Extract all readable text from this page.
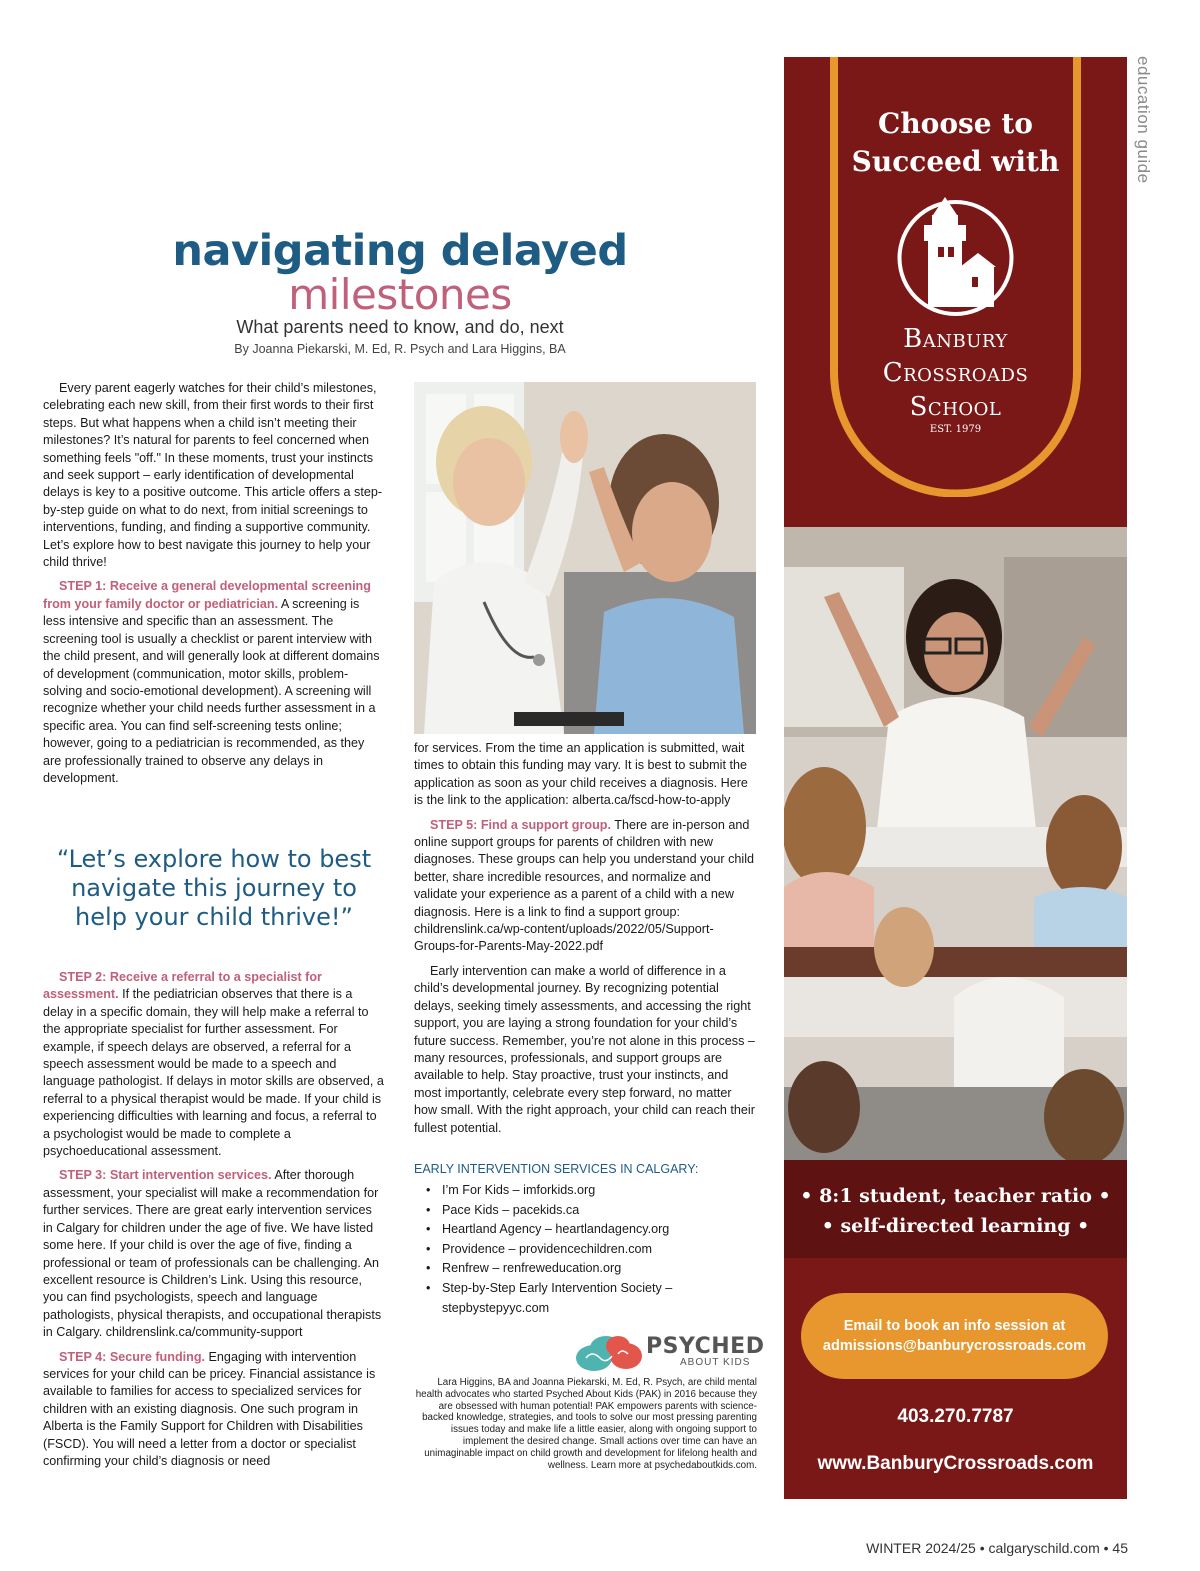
education guide
navigating delayed
milestones
What parents need to know, and do, next
By Joanna Piekarski, M. Ed, R. Psych and Lara Higgins, BA

Every parent eagerly watches for their child’s milestones, celebrating each new skill, from their first words to their first steps. But what happens when a child isn’t meeting their milestones? It’s natural for parents to feel concerned when something feels "off." In these moments, trust your instincts and seek support – early identification of developmental delays is key to a positive outcome. This article offers a step-by-step guide on what to do next, from initial screenings to interventions, funding, and finding a supportive community. Let’s explore how to best navigate this journey to help your child thrive!

STEP 1: Receive a general developmental screening from your family doctor or pediatrician. A screening is less intensive and specific than an assessment. The screening tool is usually a checklist or parent interview with the child present, and will generally look at different domains of development (communication, motor skills, problem-solving and socio-emotional development). A screening will recognize whether your child needs further assessment in a specific area. You can find self-screening tests online; however, going to a pediatrician is recommended, as they are professionally trained to observe any delays in development.

“Let’s explore how to best navigate this journey to help your child thrive!”

STEP 2: Receive a referral to a specialist for assessment. If the pediatrician observes that there is a delay in a specific domain, they will help make a referral to the appropriate specialist for further assessment. For example, if speech delays are observed, a referral for a speech assessment would be made to a speech and language pathologist. If delays in motor skills are observed, a referral to a physical therapist would be made. If your child is experiencing difficulties with learning and focus, a referral to a psychologist would be made to complete a psychoeducational assessment.

STEP 3: Start intervention services. After thorough assessment, your specialist will make a recommendation for further services. There are great early intervention services in Calgary for children under the age of five. We have listed some here. If your child is over the age of five, finding a professional or team of professionals can be challenging. An excellent resource is Children’s Link. Using this resource, you can find psychologists, speech and language pathologists, physical therapists, and occupational therapists in Calgary. childrenslink.ca/community-support

STEP 4: Secure funding. Engaging with intervention services for your child can be pricey. Financial assistance is available to families for access to specialized services for children with an existing diagnosis. One such program in Alberta is the Family Support for Children with Disabilities (FSCD). You will need a letter from a doctor or specialist confirming your child’s diagnosis or need

for services. From the time an application is submitted, wait times to obtain this funding may vary. It is best to submit the application as soon as your child receives a diagnosis. Here is the link to the application: alberta.ca/fscd-how-to-apply

STEP 5: Find a support group. There are in-person and online support groups for parents of children with new diagnoses. These groups can help you understand your child better, share incredible resources, and normalize and validate your experience as a parent of a child with a new diagnosis. Here is a link to find a support group: childrenslink.ca/wp-content/uploads/2022/05/Support-Groups-for-Parents-May-2022.pdf

Early intervention can make a world of difference in a child’s developmental journey. By recognizing potential delays, seeking timely assessments, and accessing the right support, you are laying a strong foundation for your child’s future success. Remember, you’re not alone in this process – many resources, professionals, and support groups are available to help. Stay proactive, trust your instincts, and most importantly, celebrate every step forward, no matter how small. With the right approach, your child can reach their fullest potential.

EARLY INTERVENTION SERVICES IN CALGARY:
• I’m For Kids – imforkids.org
• Pace Kids – pacekids.ca
• Heartland Agency – heartlandagency.org
• Providence – providencechildren.com
• Renfrew – renfreweducation.org
• Step-by-Step Early Intervention Society – stepbystepyyc.com
PSYCHED
ABOUT KIDS
Lara Higgins, BA and Joanna Piekarski, M. Ed, R. Psych, are child mental health advocates who started Psyched About Kids (PAK) in 2016 because they are obsessed with human potential! PAK empowers parents with science-backed knowledge, strategies, and tools to solve our most pressing parenting issues today and make life a little easier, along with ongoing support to implement the desired change. Small actions over time can have an unimaginable impact on child growth and development for lifelong health and wellness. Learn more at psychedaboutkids.com.
Choose to
Succeed with
Banbury
Crossroads
School
EST. 1979
• 8:1 student, teacher ratio •
• self-directed learning •
Email to book an info session at
admissions@banburycrossroads.com
403.270.7787
www.BanburyCrossroads.com
WINTER 2024/25 • calgaryschild.com • 45
